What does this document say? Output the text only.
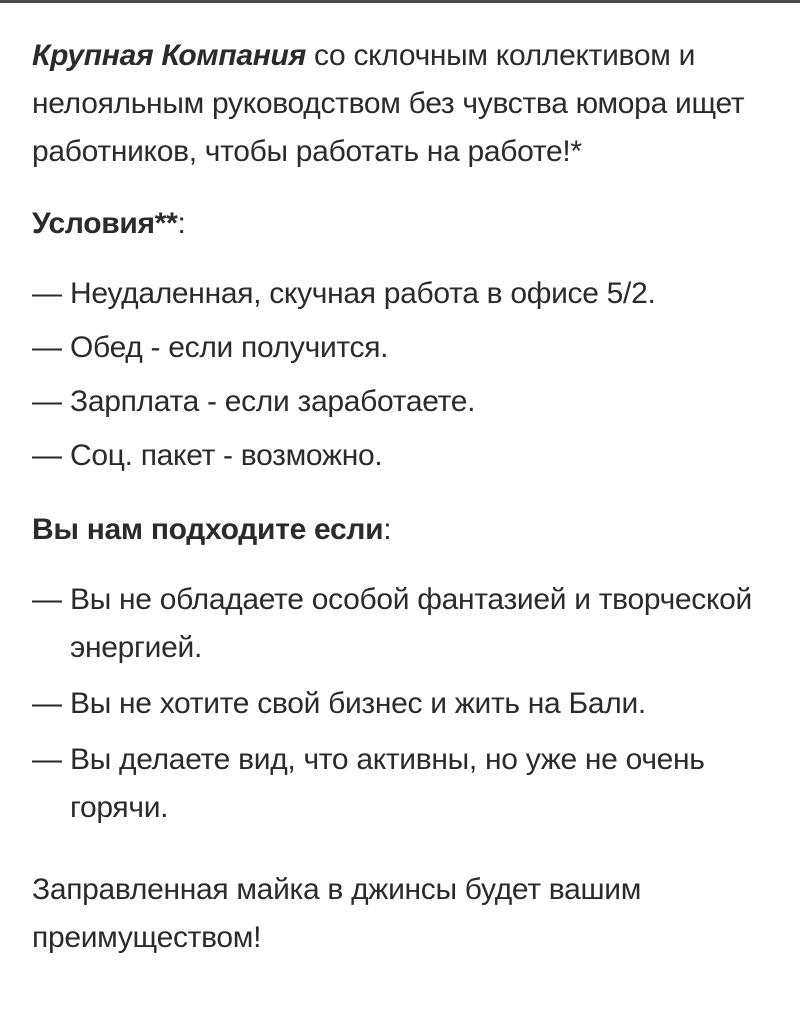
Крупная Компания со склочным коллективом и нелояльным руководством без чувства юмора ищет работников, чтобы работать на работе!*

Условия**:

— Неудаленная, скучная работа в офисе 5/2.
— Обед - если получится.
— Зарплата - если заработаете.
— Соц. пакет - возможно.

Вы нам подходите если:

— Вы не обладаете особой фантазией и творческой энергией.
— Вы не хотите свой бизнес и жить на Бали.
— Вы делаете вид, что активны, но уже не очень горячи.

Заправленная майка в джинсы будет вашим преимуществом!
